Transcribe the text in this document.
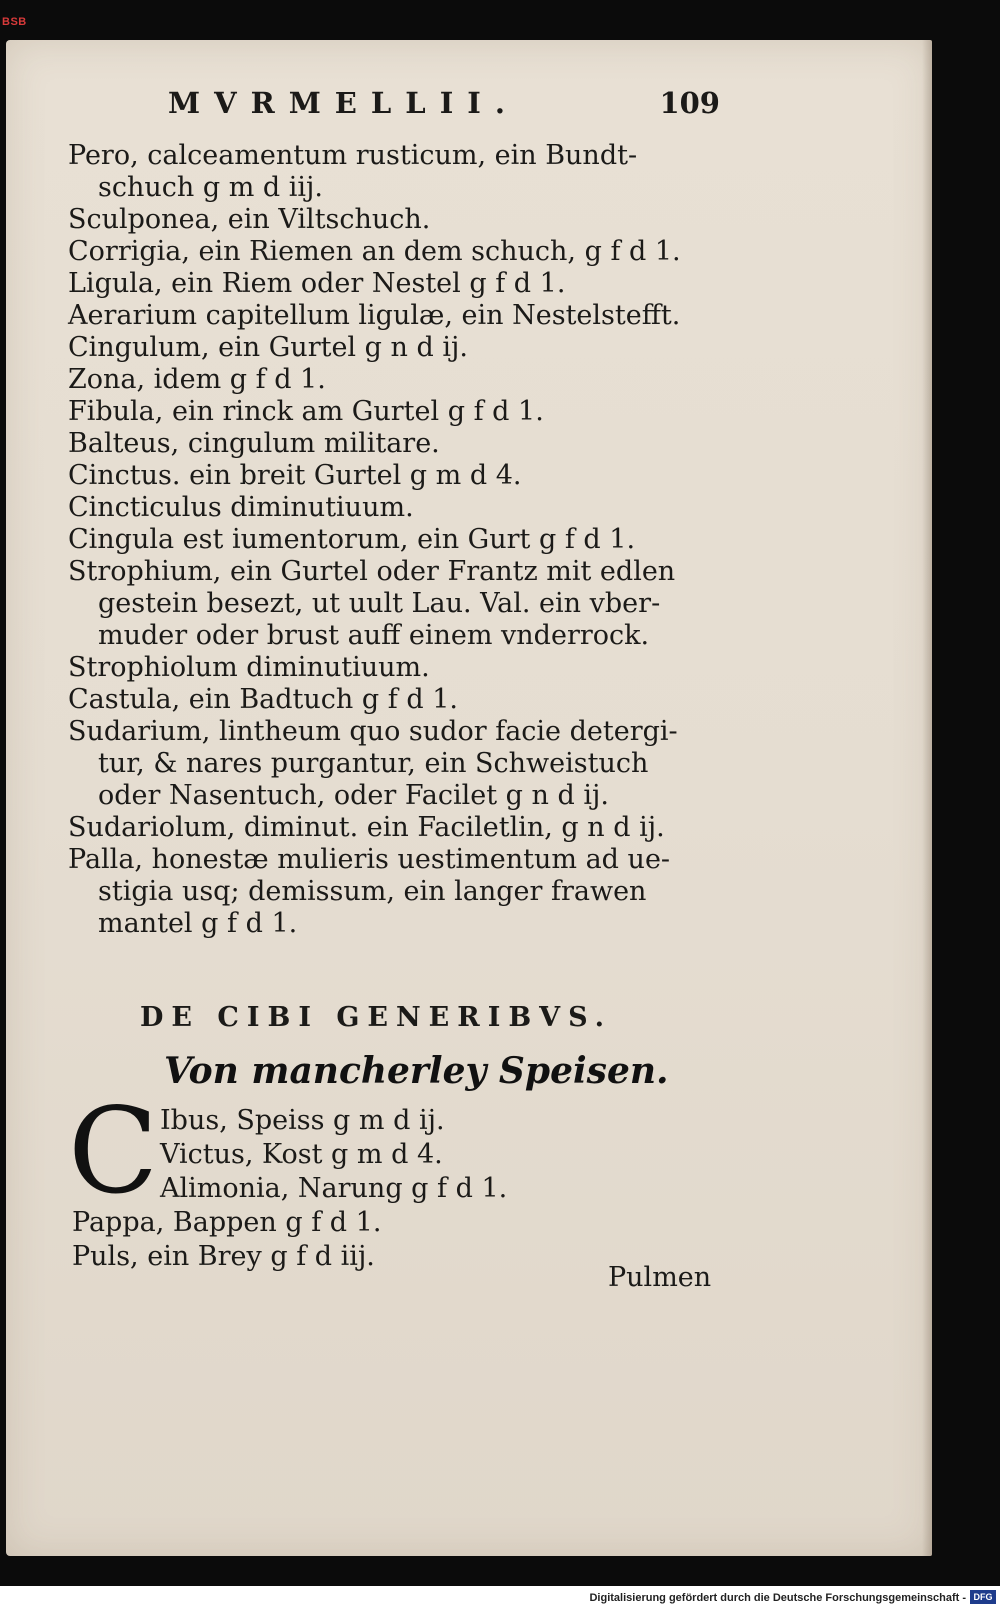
BSB
MVRMELLII.	109
Pero, calceamentum rusticum, ein Bundt-
schuch g m d iij.
Sculponea, ein Viltschuch.
Corrigia, ein Riemen an dem schuch, g f d 1.
Ligula, ein Riem oder Nestel g f d 1.
Aerarium capitellum ligulæ, ein Nestelstefft.
Cingulum, ein Gurtel g n d ij.
Zona, idem g f d 1.
Fibula, ein rinck am Gurtel g f d 1.
Balteus, cingulum militare.
Cinctus. ein breit Gurtel g m d 4.
Cincticulus diminutiuum.
Cingula est iumentorum, ein Gurt g f d 1.
Strophium, ein Gurtel oder Frantz mit edlen
gestein besezt, ut uult Lau. Val. ein vber-
muder oder brust auff einem vnderrock.
Strophiolum diminutiuum.
Castula, ein Badtuch g f d 1.
Sudarium, lintheum quo sudor facie detergi-
tur, & nares purgantur, ein Schweistuch
oder Nasentuch, oder Facilet g n d ij.
Sudariolum, diminut. ein Faciletlin, g n d ij.
Palla, honestæ mulieris uestimentum ad ue-
stigia usq; demissum, ein langer frawen
mantel g f d 1.
DE CIBI GENERIBVS.
Von mancherley Speisen.
C Ibus, Speiss g m d ij.
Victus, Kost g m d 4.
Alimonia, Narung g f d 1.
Pappa, Bappen g f d 1.
Puls, ein Brey g f d iij.
Pulmen
Digitalisierung gefördert durch die Deutsche Forschungsgemeinschaft - DFG
